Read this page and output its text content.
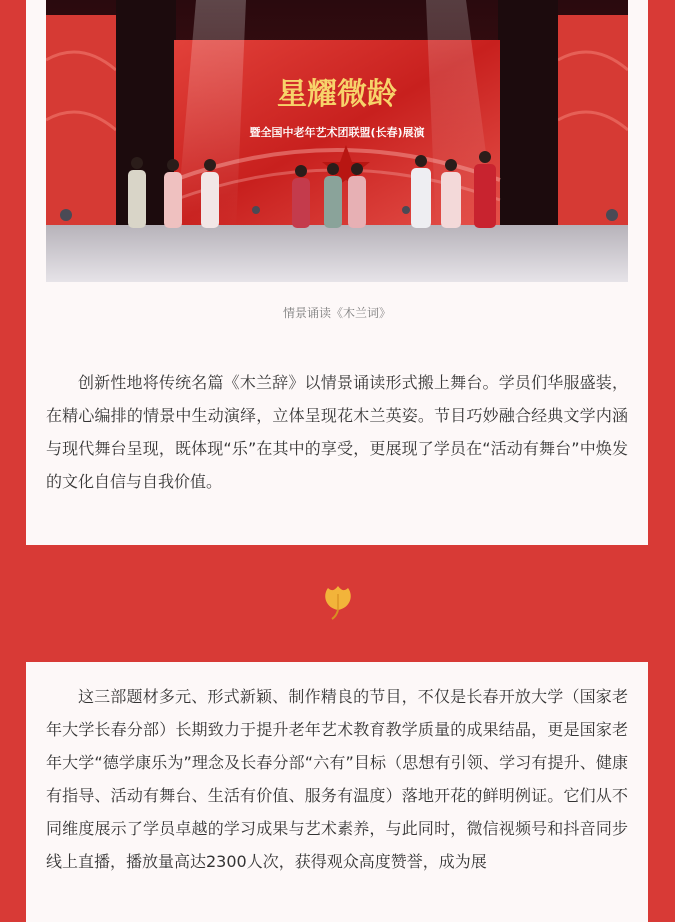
星耀微龄
暨全国中老年艺术团联盟(长春)展演
情景诵读《木兰词》

创新性地将传统名篇《木兰辞》以情景诵读形式搬上舞台。学员们华服盛装，在精心编排的情景中生动演绎，立体呈现花木兰英姿。节目巧妙融合经典文学内涵与现代舞台呈现，既体现“乐”在其中的享受，更展现了学员在“活动有舞台”中焕发的文化自信与自我价值。

这三部题材多元、形式新颖、制作精良的节目，不仅是长春开放大学（国家老年大学长春分部）长期致力于提升老年艺术教育教学质量的成果结晶，更是国家老年大学“德学康乐为”理念及长春分部“六有”目标（思想有引领、学习有提升、健康有指导、活动有舞台、生活有价值、服务有温度）落地开花的鲜明例证。它们从不同维度展示了学员卓越的学习成果与艺术素养，与此同时，微信视频号和抖音同步线上直播，播放量高达2300人次，获得观众高度赞誉，成为展
